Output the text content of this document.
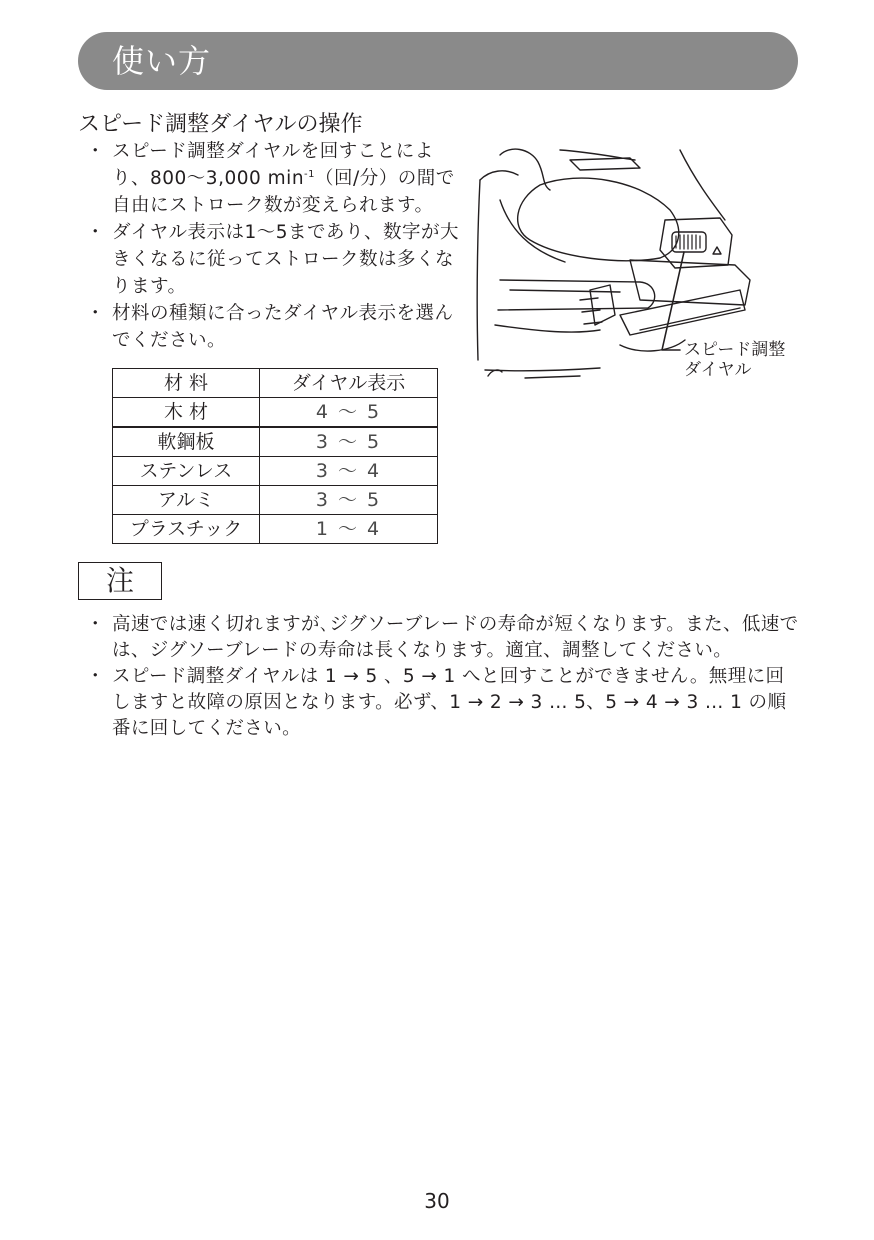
使い方
スピード調整ダイヤルの操作
・ スピード調整ダイヤルを回すことにより、800～3,000 $\min^{-1}$（回/分）の間で自由にストローク数が変えられます。
・ ダイヤル表示は1～5まであり、数字が大きくなるに従ってストローク数は多くなります。
・ 材料の種類に合ったダイヤル表示を選んでください。
材 料	ダイヤル表示
木 材	4 ～ 5
軟鋼板	3 ～ 5
ステンレス	3 ～ 4
アルミ	3 ～ 5
プラスチック	1 ～ 4
スピード調整
ダイヤル
注
・ 高速では速く切れますが､ジグソーブレードの寿命が短くなります。また、低速では、ジグソーブレードの寿命は長くなります。適宜、調整してください。
・ スピード調整ダイヤルは 1 → 5 、5 → 1 へと回すことができません。無理に回しますと故障の原因となります。必ず、1 → 2 → 3 … 5、5 → 4 → 3 … 1 の順番に回してください。
30
